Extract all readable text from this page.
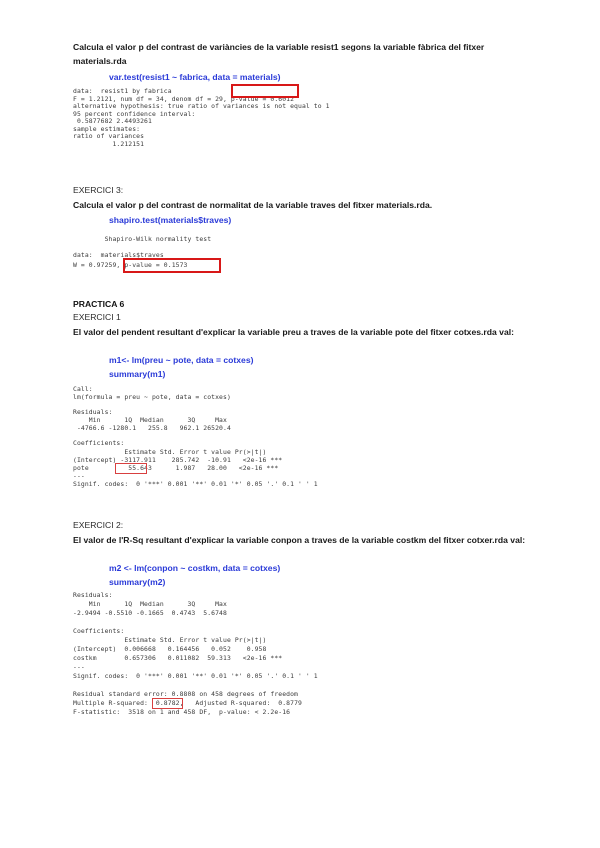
Calcula el valor p del contrast de variàncies de la variable resist1 segons la variable fàbrica del fitxer materials.rda
var.test(resist1 ~ fabrica, data = materials)
data:  resist1 by fabrica
F = 1.2121, num df = 34, denom df = 29, p-value = 0.6012
alternative hypothesis: true ratio of variances is not equal to 1
95 percent confidence interval:
0.5877682 2.4493261
sample estimates:
ratio of variances
1.212151
EXERCICI 3:
Calcula el valor p del contrast de normalitat de la variable traves del fitxer materials.rda.
shapiro.test(materials$traves)
Shapiro-Wilk normality test
data:  materials$traves
W = 0.97259, p-value = 0.1573
PRACTICA 6
EXERCICI 1
El valor del pendent resultant d'explicar la variable preu a traves de la variable pote del fitxer cotxes.rda val:
m1<- lm(preu ~ pote, data = cotxes)
summary(m1)
Call:
lm(formula = preu ~ pote, data = cotxes)
Residuals:
Min      1Q  Median      3Q     Max
-4766.6 -1280.1   255.8   962.1 26520.4
Coefficients:
Estimate Std. Error t value Pr(>|t|)
(Intercept) -3117.911    285.742  -10.91   <2e-16 ***
pote          55.643      1.987   28.00   <2e-16 ***
---
Signif. codes:  0 '***' 0.001 '**' 0.01 '*' 0.05 '.' 0.1 ' ' 1
EXERCICI 2:
El valor de l'R-Sq resultant d'explicar la variable conpon a traves de la variable costkm del fitxer cotxer.rda val:
m2 <- lm(conpon ~ costkm, data = cotxes)
summary(m2)
Residuals:
Min      1Q  Median      3Q     Max
-2.9494 -0.5510 -0.1665  0.4743  5.6748
Coefficients:
Estimate Std. Error t value Pr(>|t|)
(Intercept)  0.006668   0.164456   0.052    0.958
costkm       0.657306   0.011082  59.313   <2e-16 ***
---
Signif. codes:  0 '***' 0.001 '**' 0.01 '*' 0.05 '.' 0.1 ' ' 1
Residual standard error: 0.8808 on 458 degrees of freedom
Multiple R-squared:  0.8782,   Adjusted R-squared:  0.8779
F-statistic:  3518 on 1 and 458 DF,  p-value: < 2.2e-16
